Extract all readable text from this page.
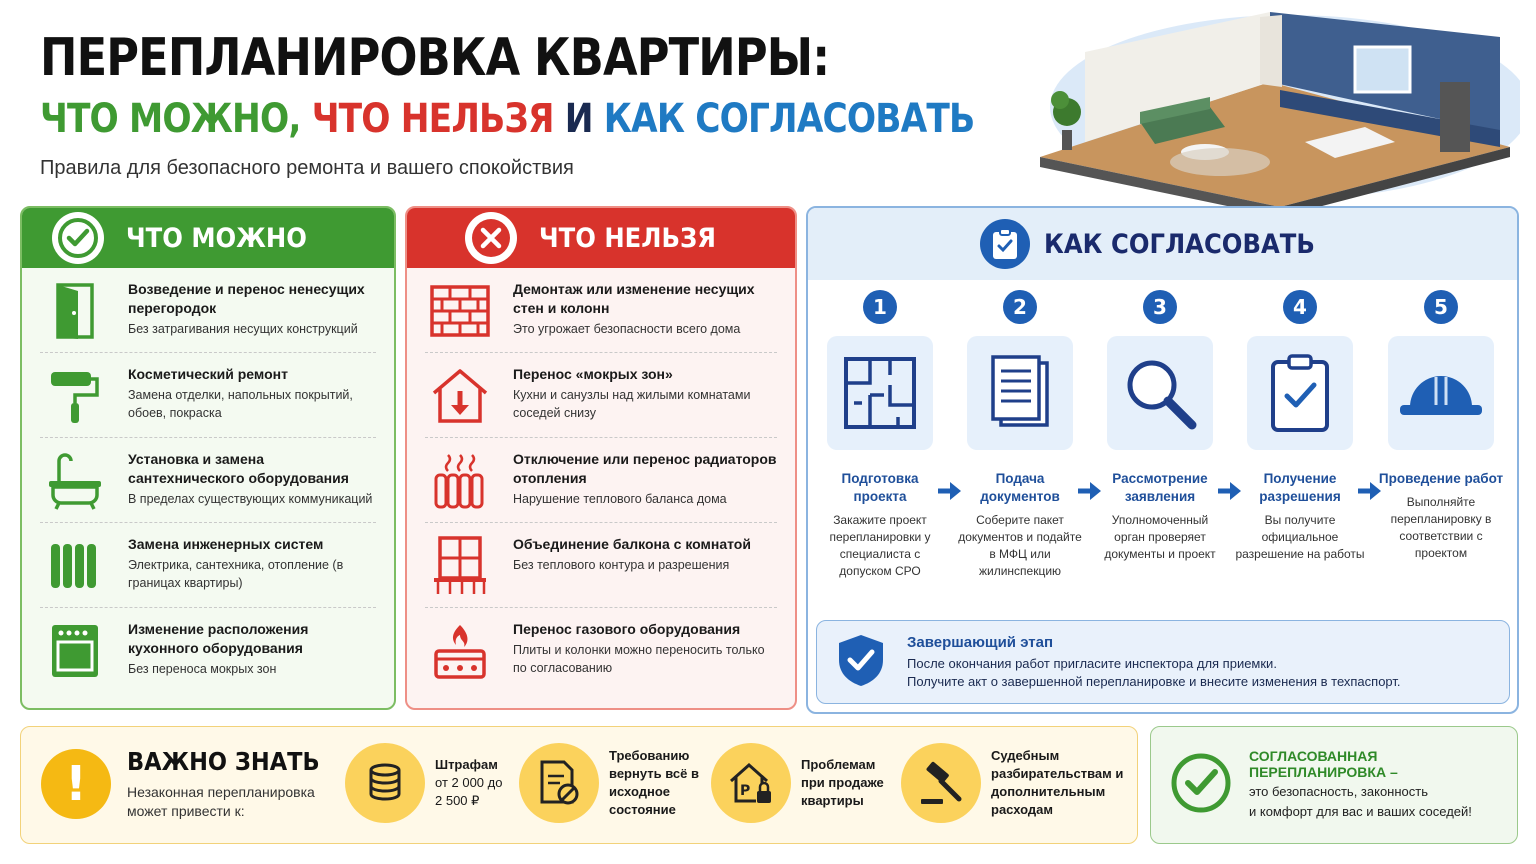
ПЕРЕПЛАНИРОВКА КВАРТИРЫ:
ЧТО МОЖНО, ЧТО НЕЛЬЗЯ И КАК СОГЛАСОВАТЬ
Правила для безопасного ремонта и вашего спокойствия
ЧТО МОЖНО
Возведение и перенос ненесущих перегородок
Без затрагивания несущих конструкций
Косметический ремонт
Замена отделки, напольных покрытий, обоев, покраска
Установка и замена сантехнического оборудования
В пределах существующих коммуникаций
Замена инженерных систем
Электрика, сантехника, отопление (в границах квартиры)
Изменение расположения кухонного оборудования
Без переноса мокрых зон
ЧТО НЕЛЬЗЯ
Демонтаж или изменение несущих стен и колонн
Это угрожает безопасности всего дома
Перенос «мокрых зон»
Кухни и санузлы над жилыми комнатами соседей снизу
Отключение или перенос радиаторов отопления
Нарушение теплового баланса дома
Объединение балкона с комнатой
Без теплового контура и разрешения
Перенос газового оборудования
Плиты и колонки можно переносить только по согласованию
КАК СОГЛАСОВАТЬ
1
Подготовка проекта
Закажите проект перепланировки у специалиста с допуском СРО
2
Подача документов
Соберите пакет документов и подайте в МФЦ или жилинспекцию
3
Рассмотрение заявления
Уполномоченный орган проверяет документы и проект
4
Получение разрешения
Вы получите официальное разрешение на работы
5
Проведение работ
Выполняйте перепланировку в соответствии с проектом
Завершающий этап
После окончания работ пригласите инспектора для приемки.
Получите акт о завершенной перепланировке и внесите изменения в техпаспорт.
!	ВАЖНО ЗНАТЬ
Незаконная перепланировка может привести к:
Штрафам
от 2 000 до 2 500 ₽
Требованию вернуть всё в исходное состояние
P
Проблемам при продаже квартиры
Судебным разбирательствам и дополнительным расходам
СОГЛАСОВАННАЯ ПЕРЕПЛАНИРОВКА –
это безопасность, законность
и комфорт для вас и ваших соседей!
